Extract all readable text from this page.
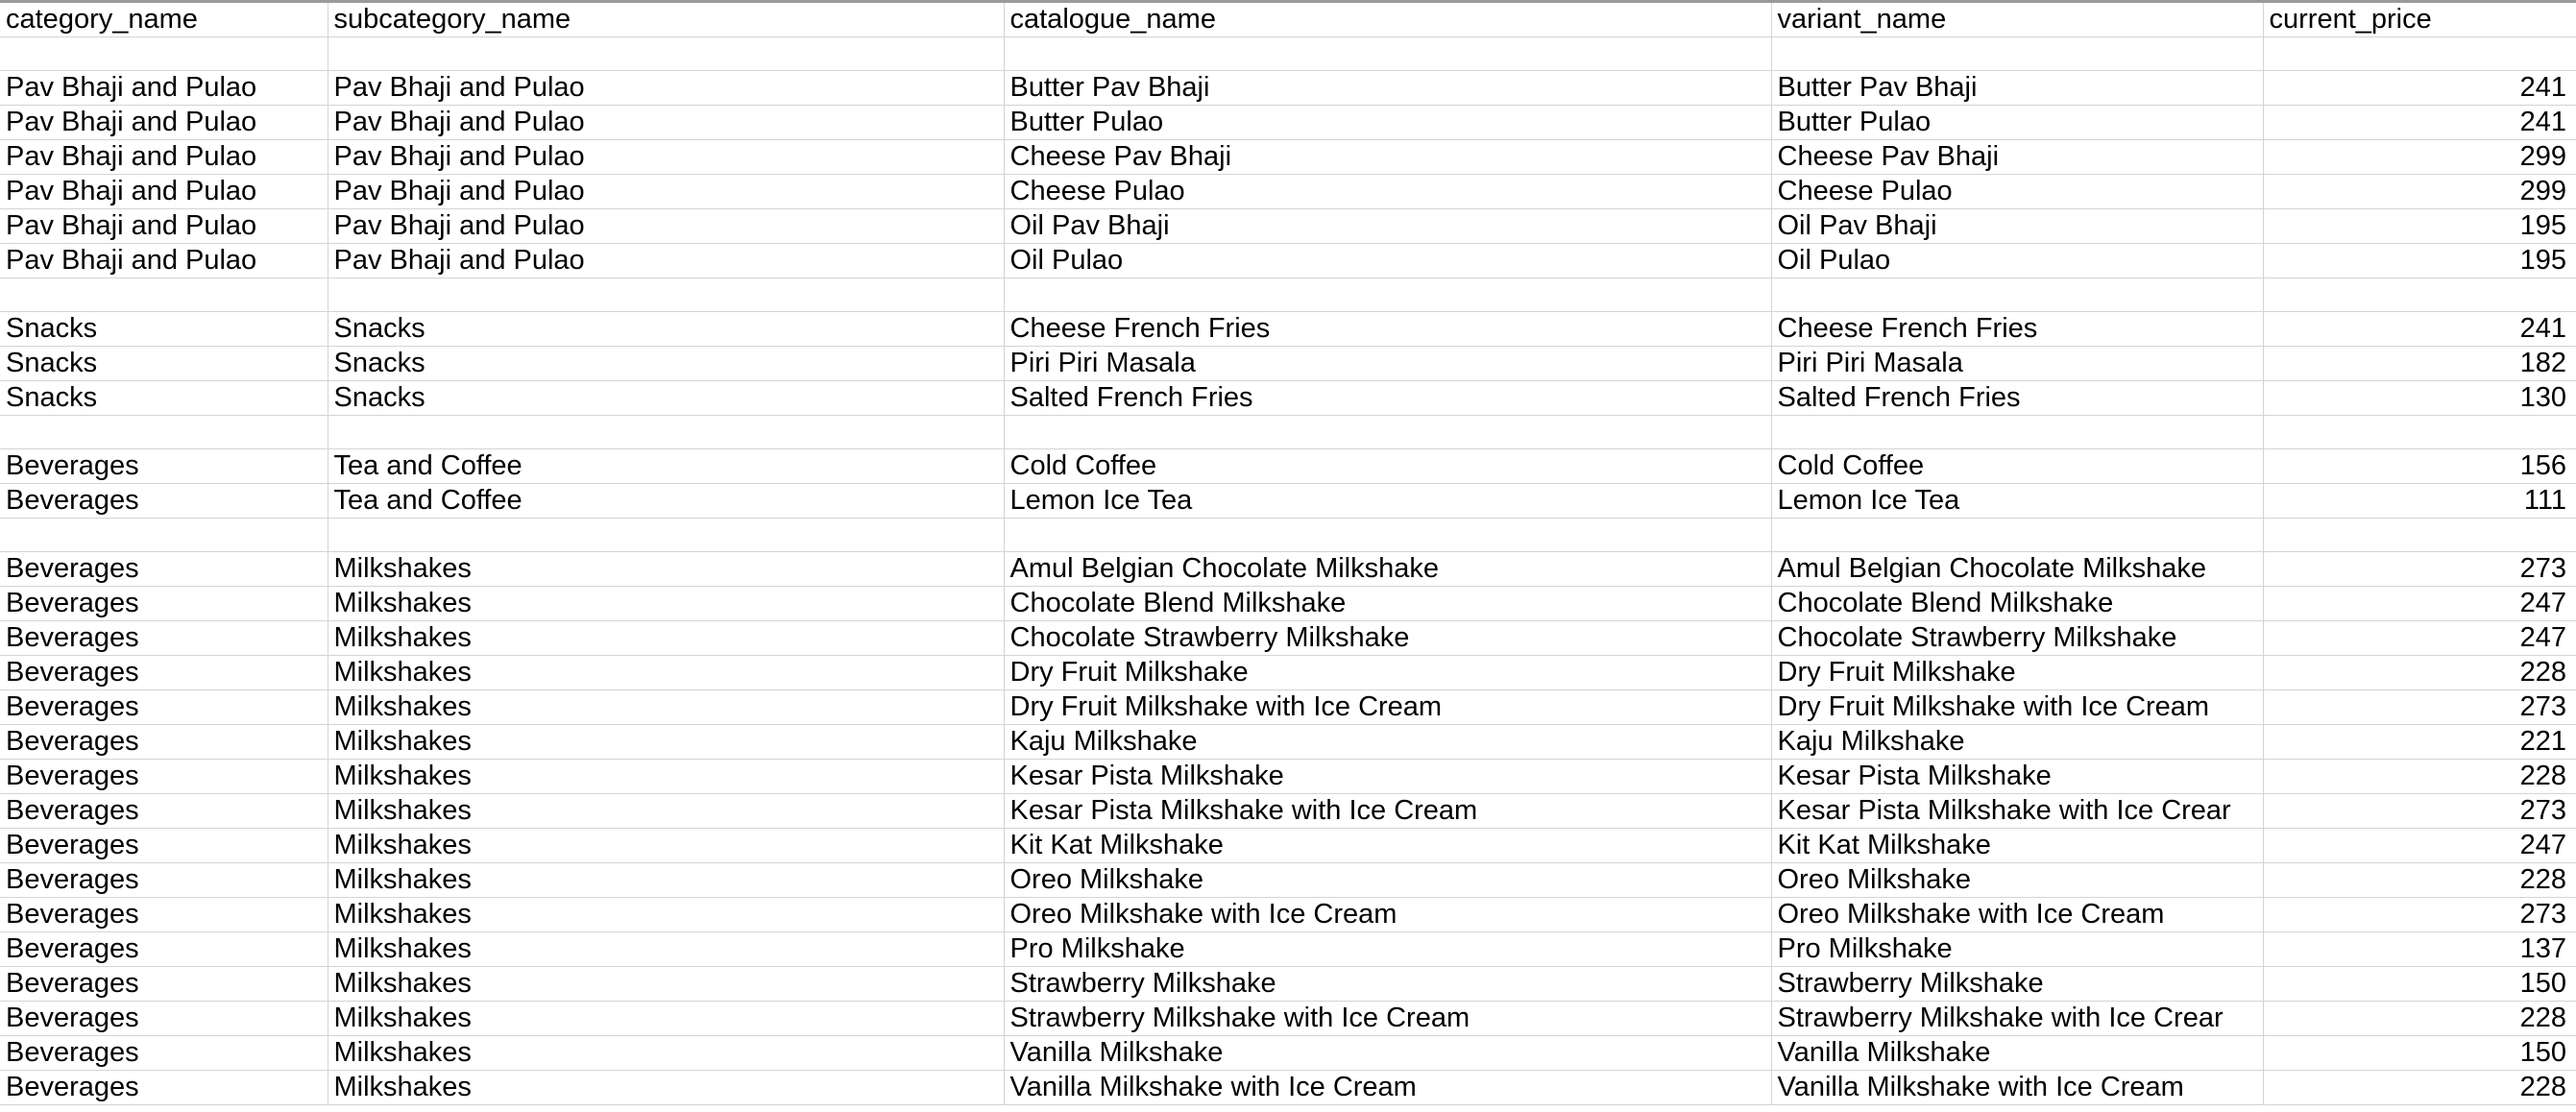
category_name	subcategory_name	catalogue_name	variant_name	current_price

Pav Bhaji and Pulao	Pav Bhaji and Pulao	Butter Pav Bhaji	Butter Pav Bhaji	241
Pav Bhaji and Pulao	Pav Bhaji and Pulao	Butter Pulao	Butter Pulao	241
Pav Bhaji and Pulao	Pav Bhaji and Pulao	Cheese Pav Bhaji	Cheese Pav Bhaji	299
Pav Bhaji and Pulao	Pav Bhaji and Pulao	Cheese Pulao	Cheese Pulao	299
Pav Bhaji and Pulao	Pav Bhaji and Pulao	Oil Pav Bhaji	Oil Pav Bhaji	195
Pav Bhaji and Pulao	Pav Bhaji and Pulao	Oil Pulao	Oil Pulao	195

Snacks	Snacks	Cheese French Fries	Cheese French Fries	241
Snacks	Snacks	Piri Piri Masala	Piri Piri Masala	182
Snacks	Snacks	Salted French Fries	Salted French Fries	130

Beverages	Tea and Coffee	Cold Coffee	Cold Coffee	156
Beverages	Tea and Coffee	Lemon Ice Tea	Lemon Ice Tea	111

Beverages	Milkshakes	Amul Belgian Chocolate Milkshake	Amul Belgian Chocolate Milkshake	273
Beverages	Milkshakes	Chocolate Blend Milkshake	Chocolate Blend Milkshake	247
Beverages	Milkshakes	Chocolate Strawberry Milkshake	Chocolate Strawberry Milkshake	247
Beverages	Milkshakes	Dry Fruit Milkshake	Dry Fruit Milkshake	228
Beverages	Milkshakes	Dry Fruit Milkshake with Ice Cream	Dry Fruit Milkshake with Ice Cream	273
Beverages	Milkshakes	Kaju Milkshake	Kaju Milkshake	221
Beverages	Milkshakes	Kesar Pista Milkshake	Kesar Pista Milkshake	228
Beverages	Milkshakes	Kesar Pista Milkshake with Ice Cream	Kesar Pista Milkshake with Ice Crear	273
Beverages	Milkshakes	Kit Kat Milkshake	Kit Kat Milkshake	247
Beverages	Milkshakes	Oreo Milkshake	Oreo Milkshake	228
Beverages	Milkshakes	Oreo Milkshake with Ice Cream	Oreo Milkshake with Ice Cream	273
Beverages	Milkshakes	Pro Milkshake	Pro Milkshake	137
Beverages	Milkshakes	Strawberry Milkshake	Strawberry Milkshake	150
Beverages	Milkshakes	Strawberry Milkshake with Ice Cream	Strawberry Milkshake with Ice Crear	228
Beverages	Milkshakes	Vanilla Milkshake	Vanilla Milkshake	150
Beverages	Milkshakes	Vanilla Milkshake with Ice Cream	Vanilla Milkshake with Ice Cream	228
